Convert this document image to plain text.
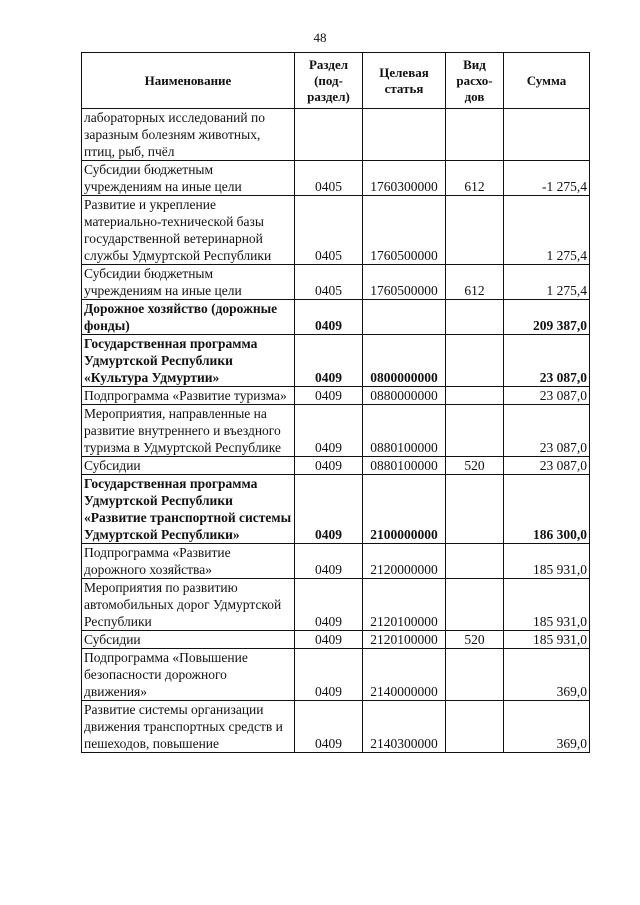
48
Наименование	Раздел (под-раздел)	Целевая статья	Вид расхо-дов	Сумма
лабораторных исследований по заразным болезням животных, птиц, рыб, пчёл				
Субсидии бюджетным учреждениям на иные цели	0405	1760300000	612	-1 275,4
Развитие и укрепление материально-технической базы государственной ветеринарной службы Удмуртской Республики	0405	1760500000		1 275,4
Субсидии бюджетным учреждениям на иные цели	0405	1760500000	612	1 275,4
Дорожное хозяйство (дорожные фонды)	0409			209 387,0
Государственная программа Удмуртской Республики «Культура Удмуртии»	0409	0800000000		23 087,0
Подпрограмма «Развитие туризма»	0409	0880000000		23 087,0
Мероприятия, направленные на развитие внутреннего и въездного туризма в Удмуртской Республике	0409	0880100000		23 087,0
Субсидии	0409	0880100000	520	23 087,0
Государственная программа Удмуртской Республики «Развитие транспортной системы Удмуртской Республики»	0409	2100000000		186 300,0
Подпрограмма «Развитие дорожного хозяйства»	0409	2120000000		185 931,0
Мероприятия по развитию автомобильных дорог Удмуртской Республики	0409	2120100000		185 931,0
Субсидии	0409	2120100000	520	185 931,0
Подпрограмма «Повышение безопасности дорожного движения»	0409	2140000000		369,0
Развитие системы организации движения транспортных средств и пешеходов, повышение	0409	2140300000		369,0
